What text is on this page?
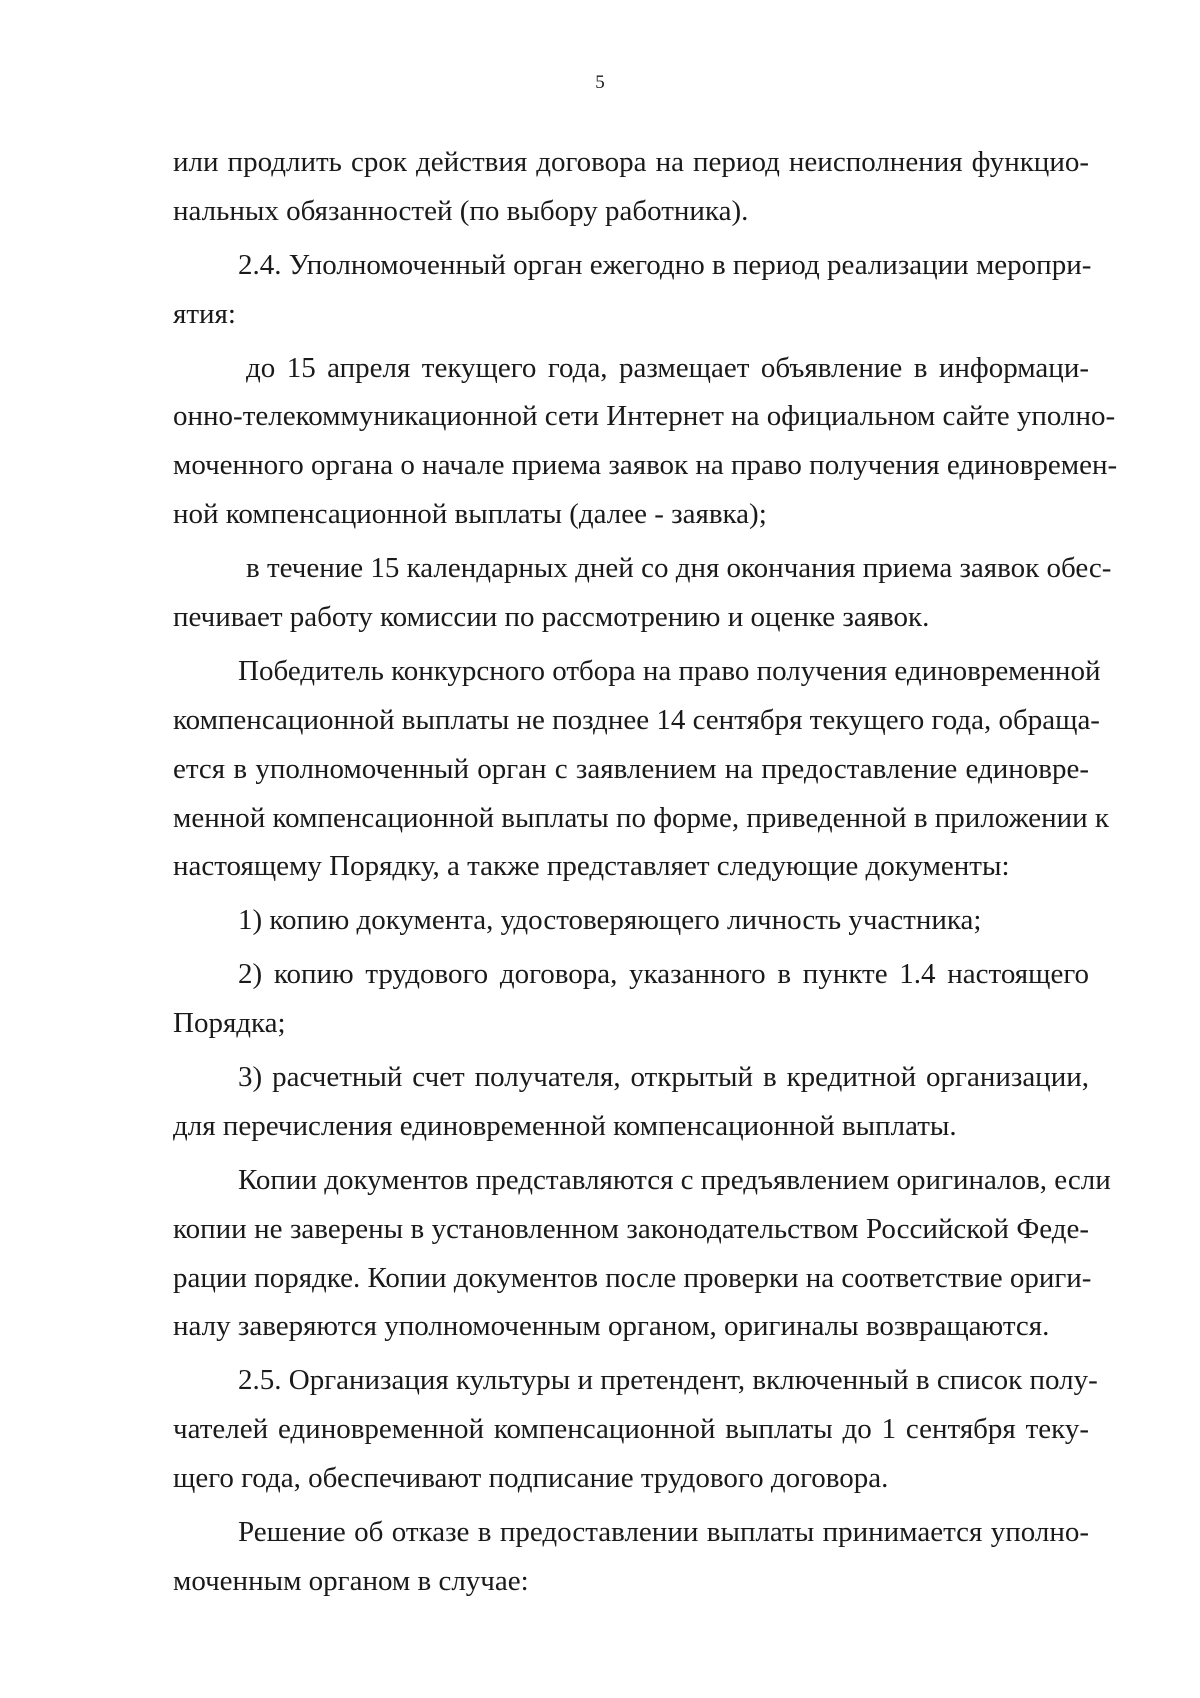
5
или продлить срок действия договора на период неисполнения функцио-
нальных обязанностей (по выбору работника).
2.4. Уполномоченный орган ежегодно в период реализации меропри-
ятия:
до 15 апреля текущего года, размещает объявление в информаци-
онно-телекоммуникационной сети Интернет на официальном сайте уполно-
моченного органа о начале приема заявок на право получения единовремен-
ной компенсационной выплаты (далее - заявка);
в течение 15 календарных дней со дня окончания приема заявок обес-
печивает работу комиссии по рассмотрению и оценке заявок.
Победитель конкурсного отбора на право получения единовременной
компенсационной выплаты не позднее 14 сентября текущего года, обраща-
ется в уполномоченный орган с заявлением на предоставление единовре-
менной компенсационной выплаты по форме, приведенной в приложении к
настоящему Порядку, а также представляет следующие документы:
1) копию документа, удостоверяющего личность участника;
2) копию трудового договора, указанного в пункте 1.4 настоящего
Порядка;
3) расчетный счет получателя, открытый в кредитной организации,
для перечисления единовременной компенсационной выплаты.
Копии документов представляются с предъявлением оригиналов, если
копии не заверены в установленном законодательством Российской Феде-
рации порядке. Копии документов после проверки на соответствие ориги-
налу заверяются уполномоченным органом, оригиналы возвращаются.
2.5. Организация культуры и претендент, включенный в список полу-
чателей единовременной компенсационной выплаты до 1 сентября теку-
щего года, обеспечивают подписание трудового договора.
Решение об отказе в предоставлении выплаты принимается уполно-
моченным органом в случае:
